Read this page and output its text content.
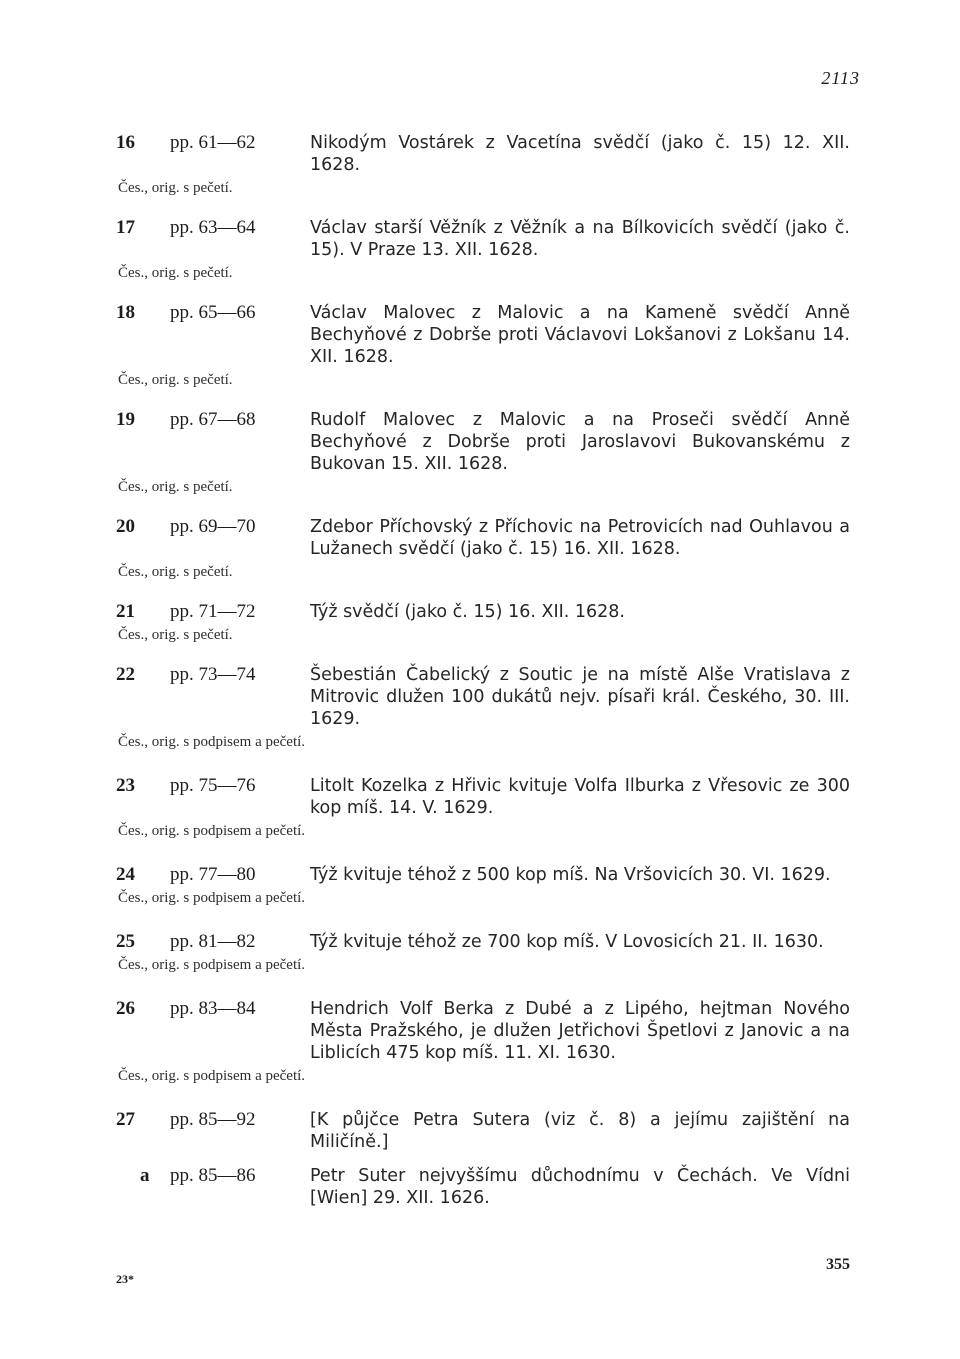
2113
16	pp. 61—62	Nikodým Vostárek z Vacetína svědčí (jako č. 15) 12. XII. 1628.
Čes., orig. s pečetí.
17	pp. 63—64	Václav starší Věžník z Věžník a na Bílkovicích svědčí (jako č. 15). V Praze 13. XII. 1628.
Čes., orig. s pečetí.
18	pp. 65—66	Václav Malovec z Malovic a na Kameně svědčí Anně Bechyňové z Dobrše proti Václavovi Lokšanovi z Lokšanu 14. XII. 1628.
Čes., orig. s pečetí.
19	pp. 67—68	Rudolf Malovec z Malovic a na Proseči svědčí Anně Bechyňové z Dobrše proti Jaroslavovi Bukovanskému z Bukovan 15. XII. 1628.
Čes., orig. s pečetí.
20	pp. 69—70	Zdebor Příchovský z Příchovic na Petrovicích nad Ouhlavou a Lužanech svědčí (jako č. 15) 16. XII. 1628.
Čes., orig. s pečetí.
21	pp. 71—72	Týž svědčí (jako č. 15) 16. XII. 1628.
Čes., orig. s pečetí.
22	pp. 73—74	Šebestián Čabelický z Soutic je na místě Alše Vratislava z Mitrovic dlužen 100 dukátů nejv. písaři král. Českého, 30. III. 1629.
Čes., orig. s podpisem a pečetí.
23	pp. 75—76	Litolt Kozelka z Hřivic kvituje Volfa Ilburka z Vřesovic ze 300 kop míš. 14. V. 1629.
Čes., orig. s podpisem a pečetí.
24	pp. 77—80	Týž kvituje téhož z 500 kop míš. Na Vršovicích 30. VI. 1629.
Čes., orig. s podpisem a pečetí.
25	pp. 81—82	Týž kvituje téhož ze 700 kop míš. V Lovosicích 21. II. 1630.
Čes., orig. s podpisem a pečetí.
26	pp. 83—84	Hendrich Volf Berka z Dubé a z Lipého, hejtman Nového Města Pražského, je dlužen Jetřichovi Špetlovi z Janovic a na Liblicích 475 kop míš. 11. XI. 1630.
Čes., orig. s podpisem a pečetí.
27	pp. 85—92	[K půjčce Petra Sutera (viz č. 8) a jejímu zajištění na Miličíně.]
a	pp. 85—86	Petr Suter nejvyššímu důchodnímu v Čechách. Ve Vídni [Wien] 29. XII. 1626.
23*
355
